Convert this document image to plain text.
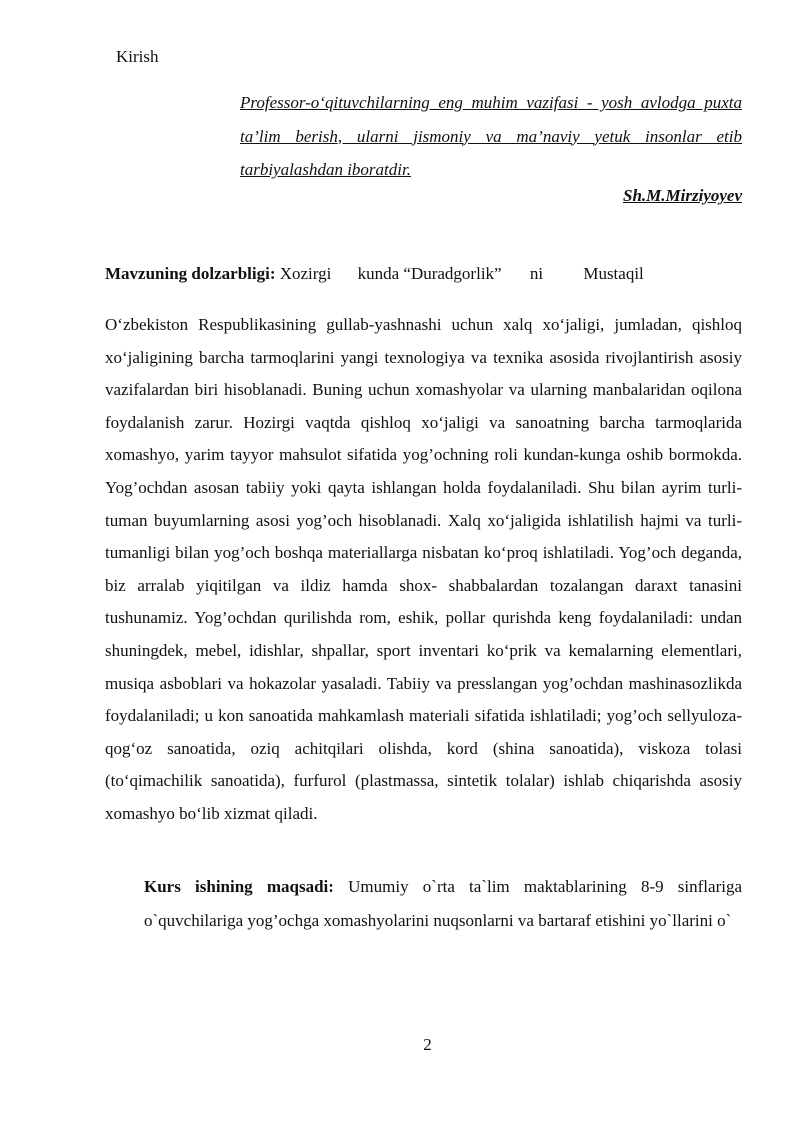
Kirish

Professor-o‘qituvchilarning eng muhim vazifasi - yosh avlodga puxta ta’lim berish, ularni jismoniy va ma’naviy yetuk insonlar etib tarbiyalashdan iboratdir.

Sh.M.Mirziyoyev
Mavzuning dolzarbligi: Xozirgi kunda “Duradgorlik” ni Mustaqil

O‘zbekiston Respublikasining gullab-yashnashi uchun xalq xo‘jaligi, jumladan, qishloq xo‘jaligining barcha tarmoqlarini yangi texnologiya va texnika asosida rivojlantirish asosiy vazifalardan biri hisoblanadi. Buning uchun xomashyolar va ularning manbalaridan oqilona foydalanish zarur. Hozirgi vaqtda qishloq xo‘jaligi va sanoatning barcha tarmoqlarida xomashyo, yarim tayyor mahsulot sifatida yog’ochning roli kundan-kunga oshib bormokda. Yog’ochdan asosan tabiiy yoki qayta ishlangan holda foydalaniladi. Shu bilan ayrim turli-tuman buyumlarning asosi yog’och hisoblanadi. Xalq xo‘jaligida ishlatilish hajmi va turli-tumanligi bilan yog’och boshqa materiallarga nisbatan ko‘proq ishlatiladi. Yog’och deganda, biz arralab yiqitilgan va ildiz hamda shox- shabbalardan tozalangan daraxt tanasini tushunamiz. Yog’ochdan qurilishda rom, eshik, pollar qurishda keng foydalaniladi: undan shuningdek, mebel, idishlar, shpallar, sport inventari ko‘prik va kemalarning elementlari, musiqa asboblari va hokazolar yasaladi. Tabiiy va presslangan yog’ochdan mashinasozlikda foydalaniladi; u kon sanoatida mahkamlash materiali sifatida ishlatiladi; yog’och sellyuloza-qog‘oz sanoatida, oziq achitqilari olishda, kord (shina sanoatida), viskoza tolasi (to‘qimachilik sanoatida), furfurol (plastmassa, sintetik tolalar) ishlab chiqarishda asosiy xomashyo bo‘lib xizmat qiladi.

Kurs ishining maqsadi: Umumiy o`rta ta`lim maktablarining 8-9 sinflariga o`quvchilariga yog’ochga xomashyolarini nuqsonlarni va bartaraf etishini yo`llarini o`

2
